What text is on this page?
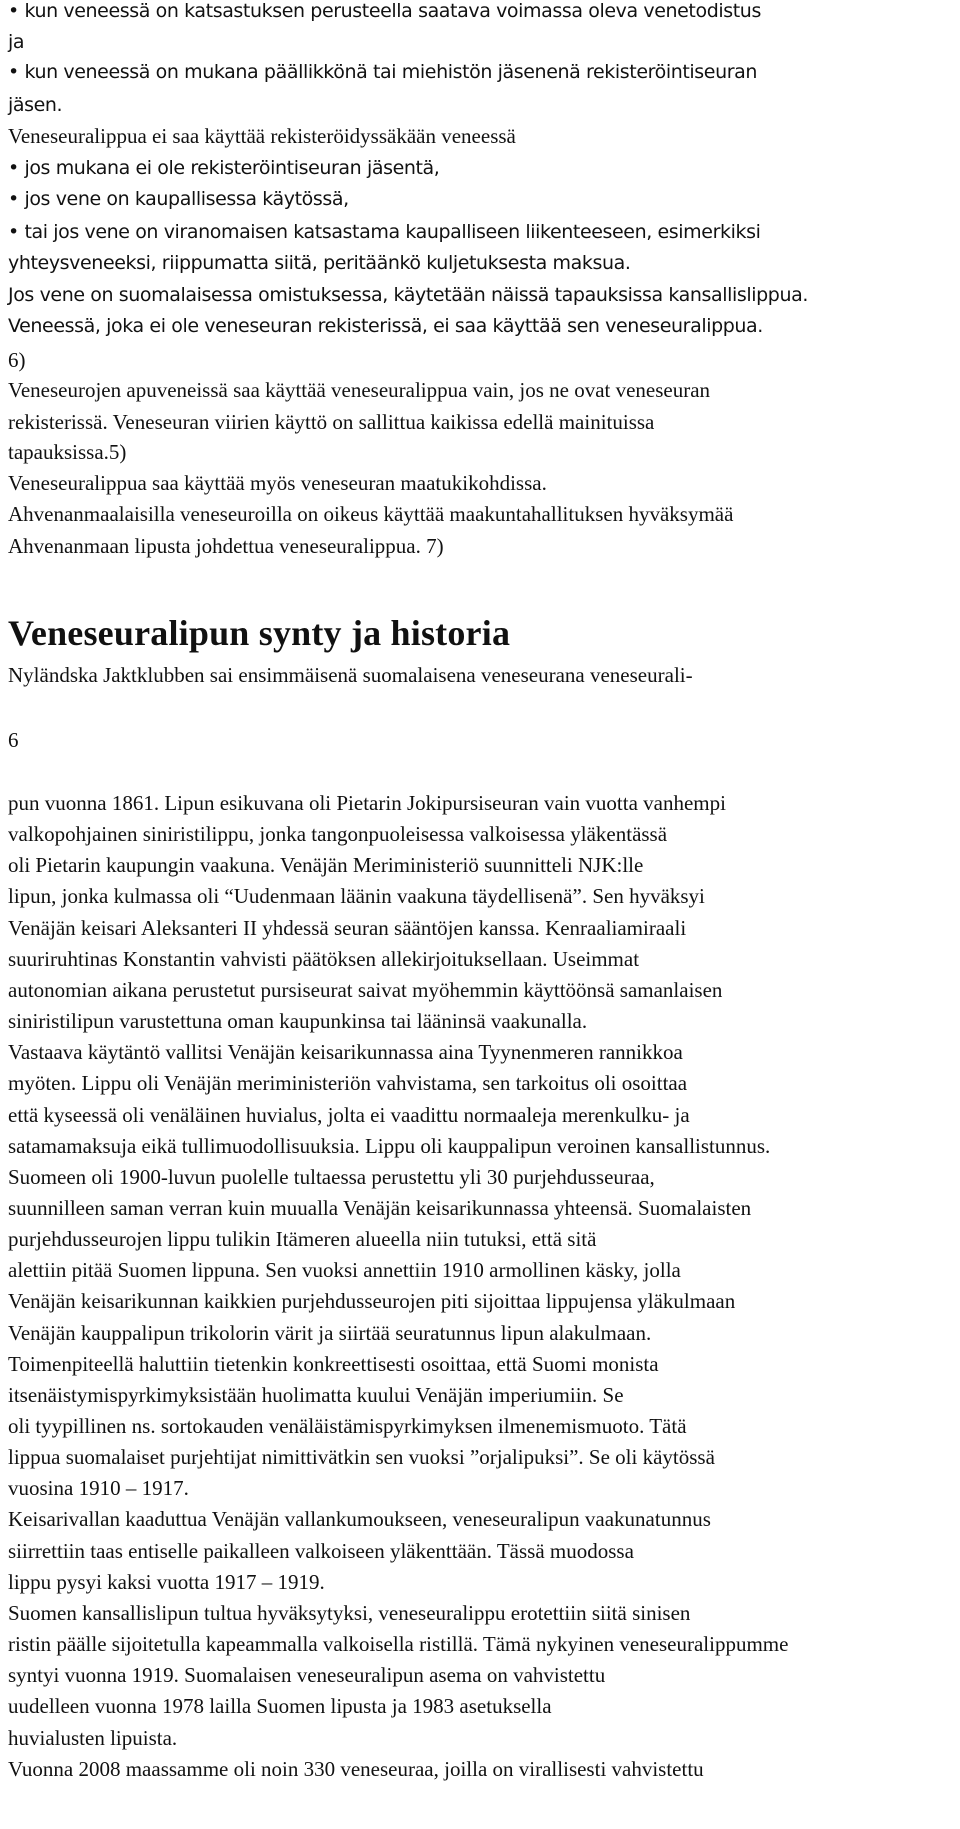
• kun veneessä on katsastuksen perusteella saatava voimassa oleva venetodistus

ja

• kun veneessä on mukana päällikkönä tai miehistön jäsenenä rekisteröintiseuran

jäsen.

Veneseuralippua ei saa käyttää rekisteröidyssäkään veneessä

• jos mukana ei ole rekisteröintiseuran jäsentä,

• jos vene on kaupallisessa käytössä,

• tai jos vene on viranomaisen katsastama kaupalliseen liikenteeseen, esimerkiksi

yhteysveneeksi, riippumatta siitä, peritäänkö kuljetuksesta maksua.

Jos vene on suomalaisessa omistuksessa, käytetään näissä tapauksissa kansallislippua.

Veneessä, joka ei ole veneseuran rekisterissä, ei saa käyttää sen veneseuralippua.

6)

Veneseurojen apuveneissä saa käyttää veneseuralippua vain, jos ne ovat veneseuran

rekisterissä. Veneseuran viirien käyttö on sallittua kaikissa edellä mainituissa

tapauksissa.5)

Veneseuralippua saa käyttää myös veneseuran maatukikohdissa.

Ahvenanmaalaisilla veneseuroilla on oikeus käyttää maakuntahallituksen hyväksymää

Ahvenanmaan lipusta johdettua veneseuralippua. 7)

Veneseuralipun synty ja historia

Nyländska Jaktklubben sai ensimmäisenä suomalaisena veneseurana veneseurali-

6

pun vuonna 1861. Lipun esikuvana oli Pietarin Jokipursiseuran vain vuotta vanhempi

valkopohjainen siniristilippu, jonka tangonpuoleisessa valkoisessa yläkentässä

oli Pietarin kaupungin vaakuna. Venäjän Meriministeriö suunnitteli NJK:lle

lipun, jonka kulmassa oli “Uudenmaan läänin vaakuna täydellisenä”. Sen hyväksyi

Venäjän keisari Aleksanteri II yhdessä seuran sääntöjen kanssa. Kenraaliamiraali

suuriruhtinas Konstantin vahvisti päätöksen allekirjoituksellaan. Useimmat

autonomian aikana perustetut pursiseurat saivat myöhemmin käyttöönsä samanlaisen

siniristilipun varustettuna oman kaupunkinsa tai lääninsä vaakunalla.

Vastaava käytäntö vallitsi Venäjän keisarikunnassa aina Tyynenmeren rannikkoa

myöten. Lippu oli Venäjän meriministeriön vahvistama, sen tarkoitus oli osoittaa

että kyseessä oli venäläinen huvialus, jolta ei vaadittu normaaleja merenkulku- ja

satamamaksuja eikä tullimuodollisuuksia. Lippu oli kauppalipun veroinen kansallistunnus.

Suomeen oli 1900-luvun puolelle tultaessa perustettu yli 30 purjehdusseuraa,

suunnilleen saman verran kuin muualla Venäjän keisarikunnassa yhteensä. Suomalaisten

purjehdusseurojen lippu tulikin Itämeren alueella niin tutuksi, että sitä

alettiin pitää Suomen lippuna. Sen vuoksi annettiin 1910 armollinen käsky, jolla

Venäjän keisarikunnan kaikkien purjehdusseurojen piti sijoittaa lippujensa yläkulmaan

Venäjän kauppalipun trikolorin värit ja siirtää seuratunnus lipun alakulmaan.

Toimenpiteellä haluttiin tietenkin konkreettisesti osoittaa, että Suomi monista

itsenäistymispyrkimyksistään huolimatta kuului Venäjän imperiumiin. Se

oli tyypillinen ns. sortokauden venäläistämispyrkimyksen ilmenemismuoto. Tätä

lippua suomalaiset purjehtijat nimittivätkin sen vuoksi ”orjalipuksi”. Se oli käytössä

vuosina 1910 – 1917.

Keisarivallan kaaduttua Venäjän vallankumoukseen, veneseuralipun vaakunatunnus

siirrettiin taas entiselle paikalleen valkoiseen yläkenttään. Tässä muodossa

lippu pysyi kaksi vuotta 1917 – 1919.

Suomen kansallislipun tultua hyväksytyksi, veneseuralippu erotettiin siitä sinisen

ristin päälle sijoitetulla kapeammalla valkoisella ristillä. Tämä nykyinen veneseuralippumme

syntyi vuonna 1919. Suomalaisen veneseuralipun asema on vahvistettu

uudelleen vuonna 1978 lailla Suomen lipusta ja 1983 asetuksella

huvialusten lipuista.

Vuonna 2008 maassamme oli noin 330 veneseuraa, joilla on virallisesti vahvistettu
